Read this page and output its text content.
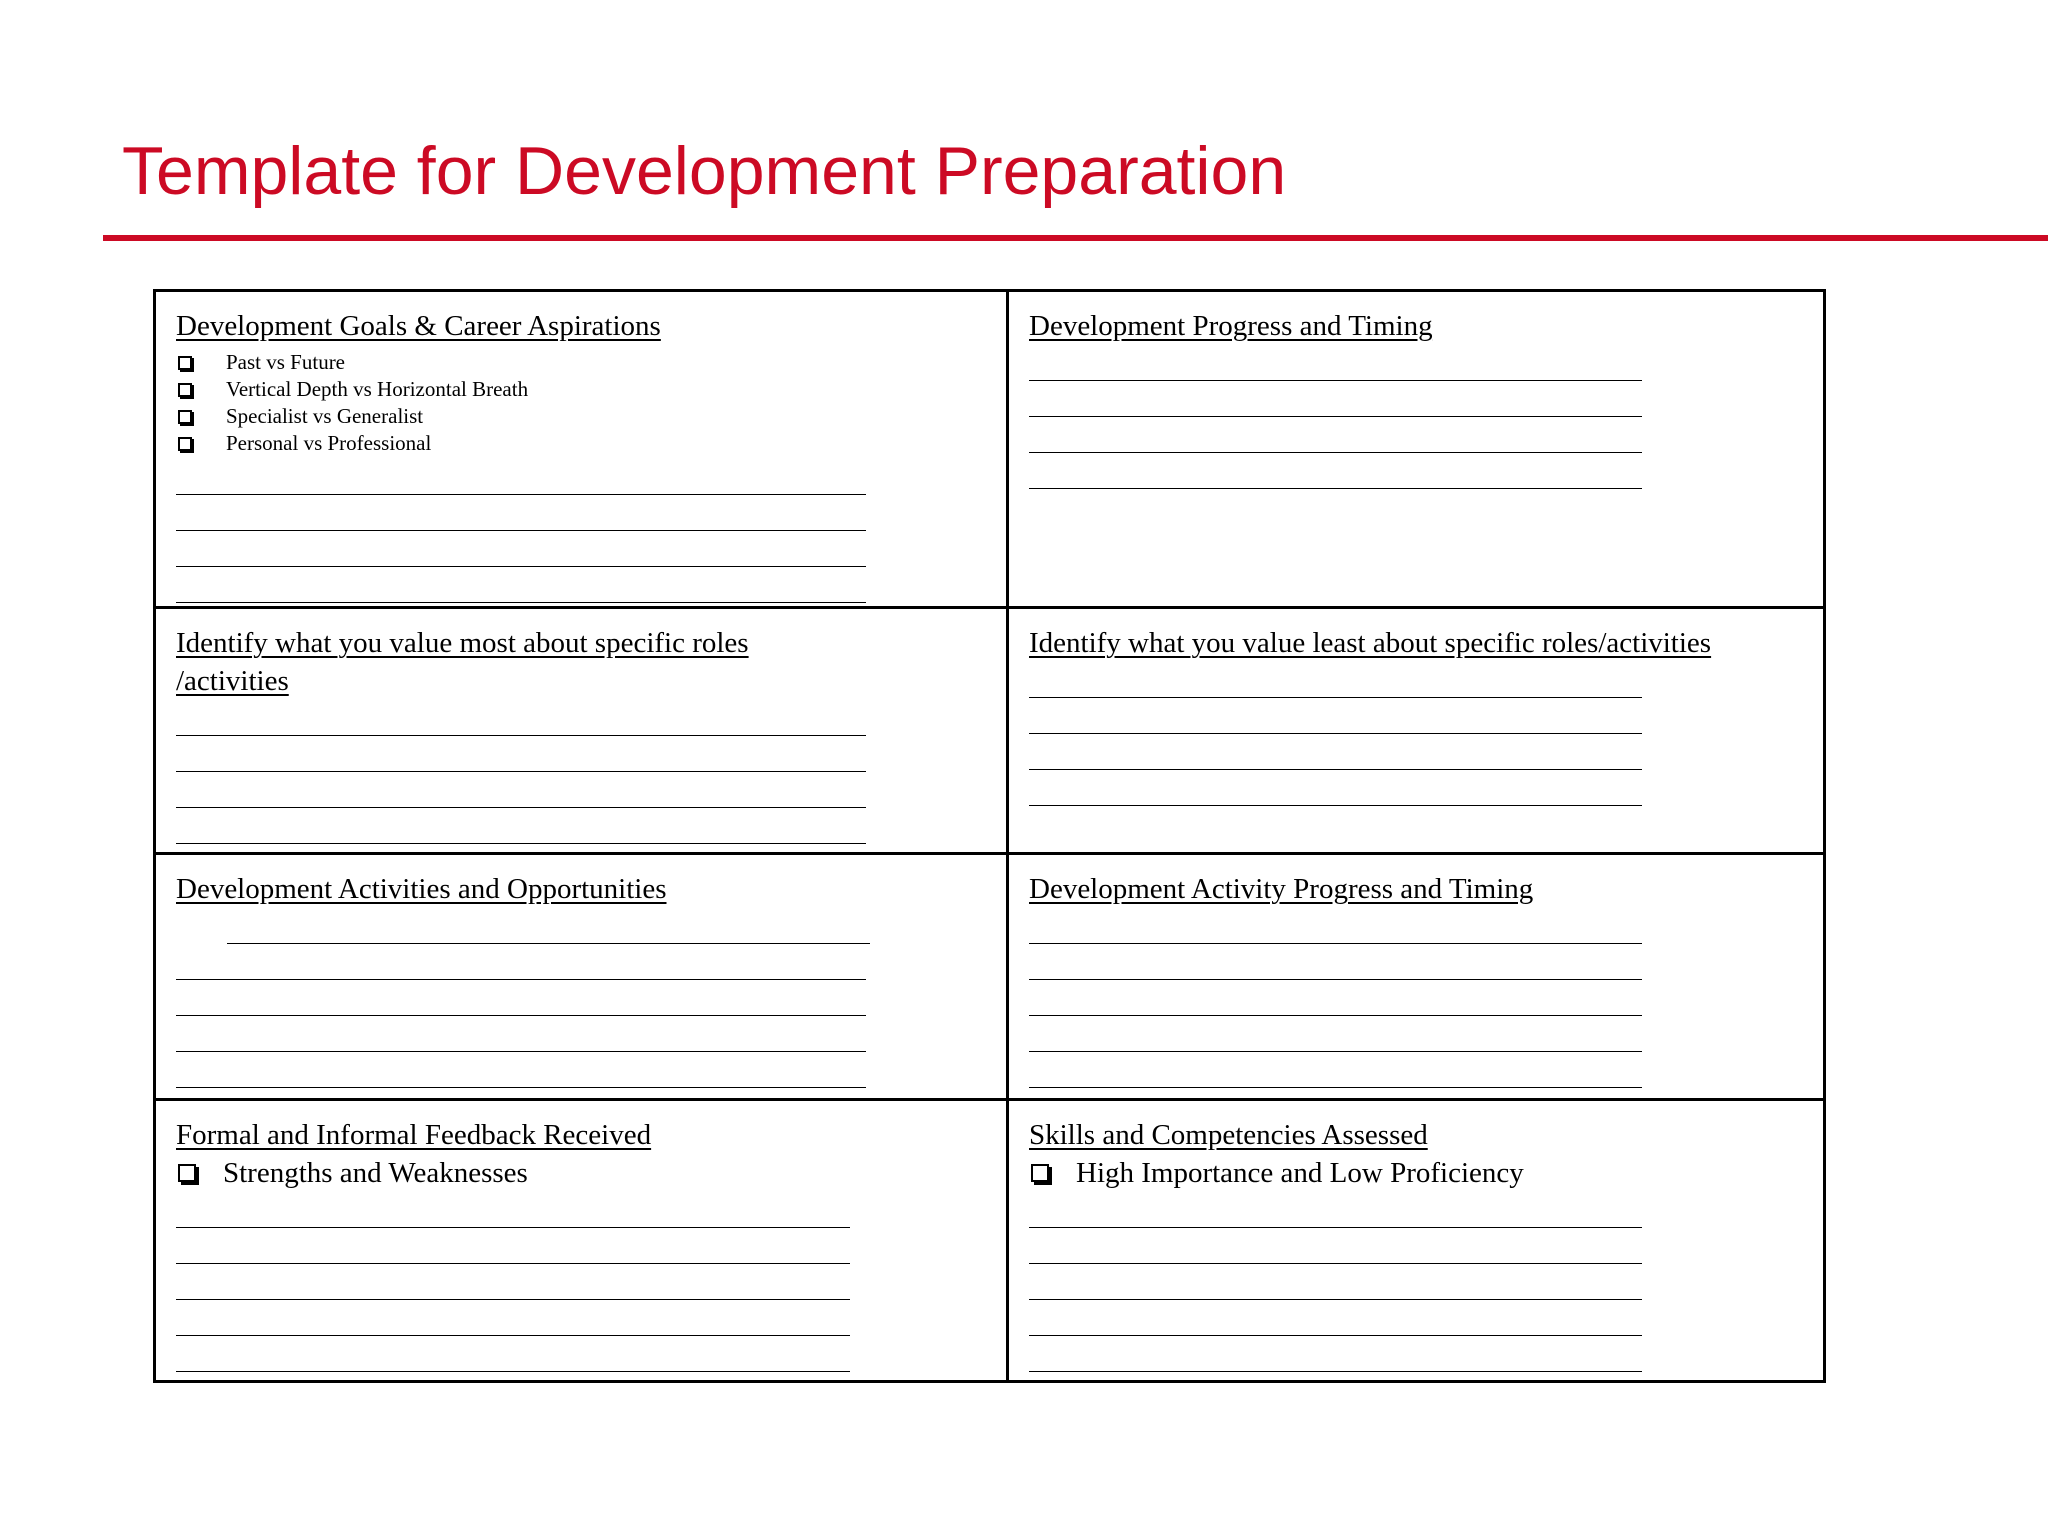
Template for Development Preparation
Development Goals & Career Aspirations
Past vs Future
Vertical Depth vs Horizontal Breath
Specialist vs Generalist
Personal vs Professional
Development Progress and Timing
Identify what you value most about specific roles /activities
Identify what you value least about specific roles/activities
Development Activities and Opportunities	Development Activity Progress and Timing
Formal and Informal Feedback Received
Strengths and Weaknesses
Skills and Competencies Assessed
High Importance and Low Proficiency
